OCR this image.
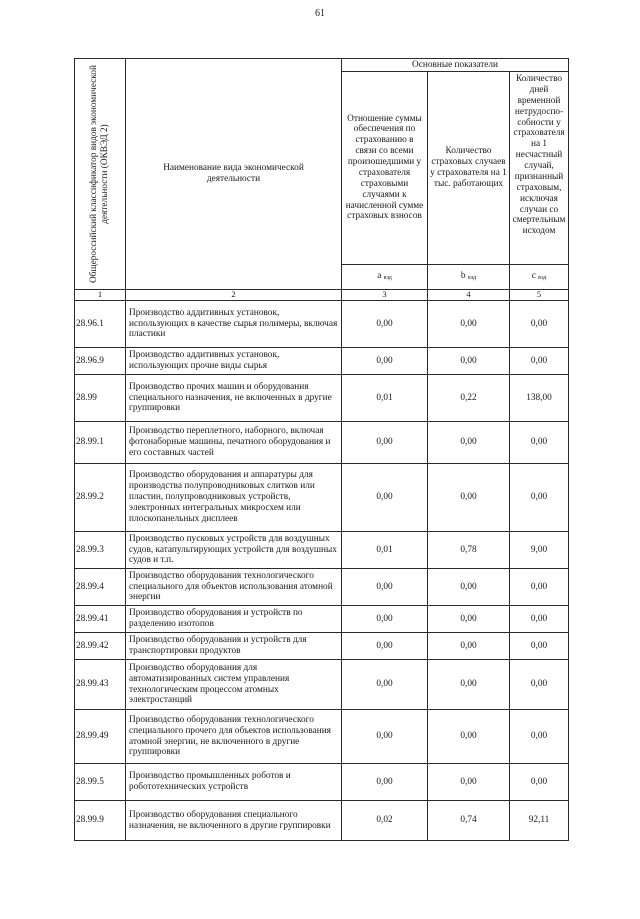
61
Общероссийский классификатор видов экономической деятельности (ОКВЭД 2)	Наименование вида экономической деятельности	Основные показатели		
		Отношение суммы обеспечения по страхованию в связи со всеми произошедшими у страхователя страховыми случаями к начисленной сумме страховых взносов	Количество страховых случаев у страхователя на 1 тыс. работающих	Количество дней временной нетрудоспо-собности у страхователя на 1 несчастный случай, признанный страховым, исключая случаи со смертельным исходом
		a вэд	b вэд	c вэд
1	2	3	4	5
28.96.1	Производство аддитивных установок, использующих в качестве сырья полимеры, включая пластики	0,00	0,00	0,00
28.96.9	Производство аддитивных установок, использующих прочие виды сырья	0,00	0,00	0,00
28.99	Производство прочих машин и оборудования специального назначения, не включенных в другие группировки	0,01	0,22	138,00
28.99.1	Производство переплетного, наборного, включая фотонаборные машины, печатного оборудования и его составных частей	0,00	0,00	0,00
28.99.2	Производство оборудования и аппаратуры для производства полупроводниковых слитков или пластин, полупроводниковых устройств, электронных интегральных микросхем или плоскопанельных дисплеев	0,00	0,00	0,00
28.99.3	Производство пусковых устройств для воздушных судов, катапультирующих устройств для воздушных судов и т.п.	0,01	0,78	9,00
28.99.4	Производство оборудования технологического специального для объектов использования атомной энергии	0,00	0,00	0,00
28.99.41	Производство оборудования и устройств по разделению изотопов	0,00	0,00	0,00
28.99.42	Производство оборудования и устройств для транспортировки продуктов	0,00	0,00	0,00
28.99.43	Производство оборудования для автоматизированных систем управления технологическим процессом атомных электростанций	0,00	0,00	0,00
28.99.49	Производство оборудования технологического специального прочего для объектов использования атомной энергии, не включенного в другие группировки	0,00	0,00	0,00
28.99.5	Производство промышленных роботов и робототехнических устройств	0,00	0,00	0,00
28.99.9	Производство оборудования специального назначения, не включенного в другие группировки	0,02	0,74	92,11
